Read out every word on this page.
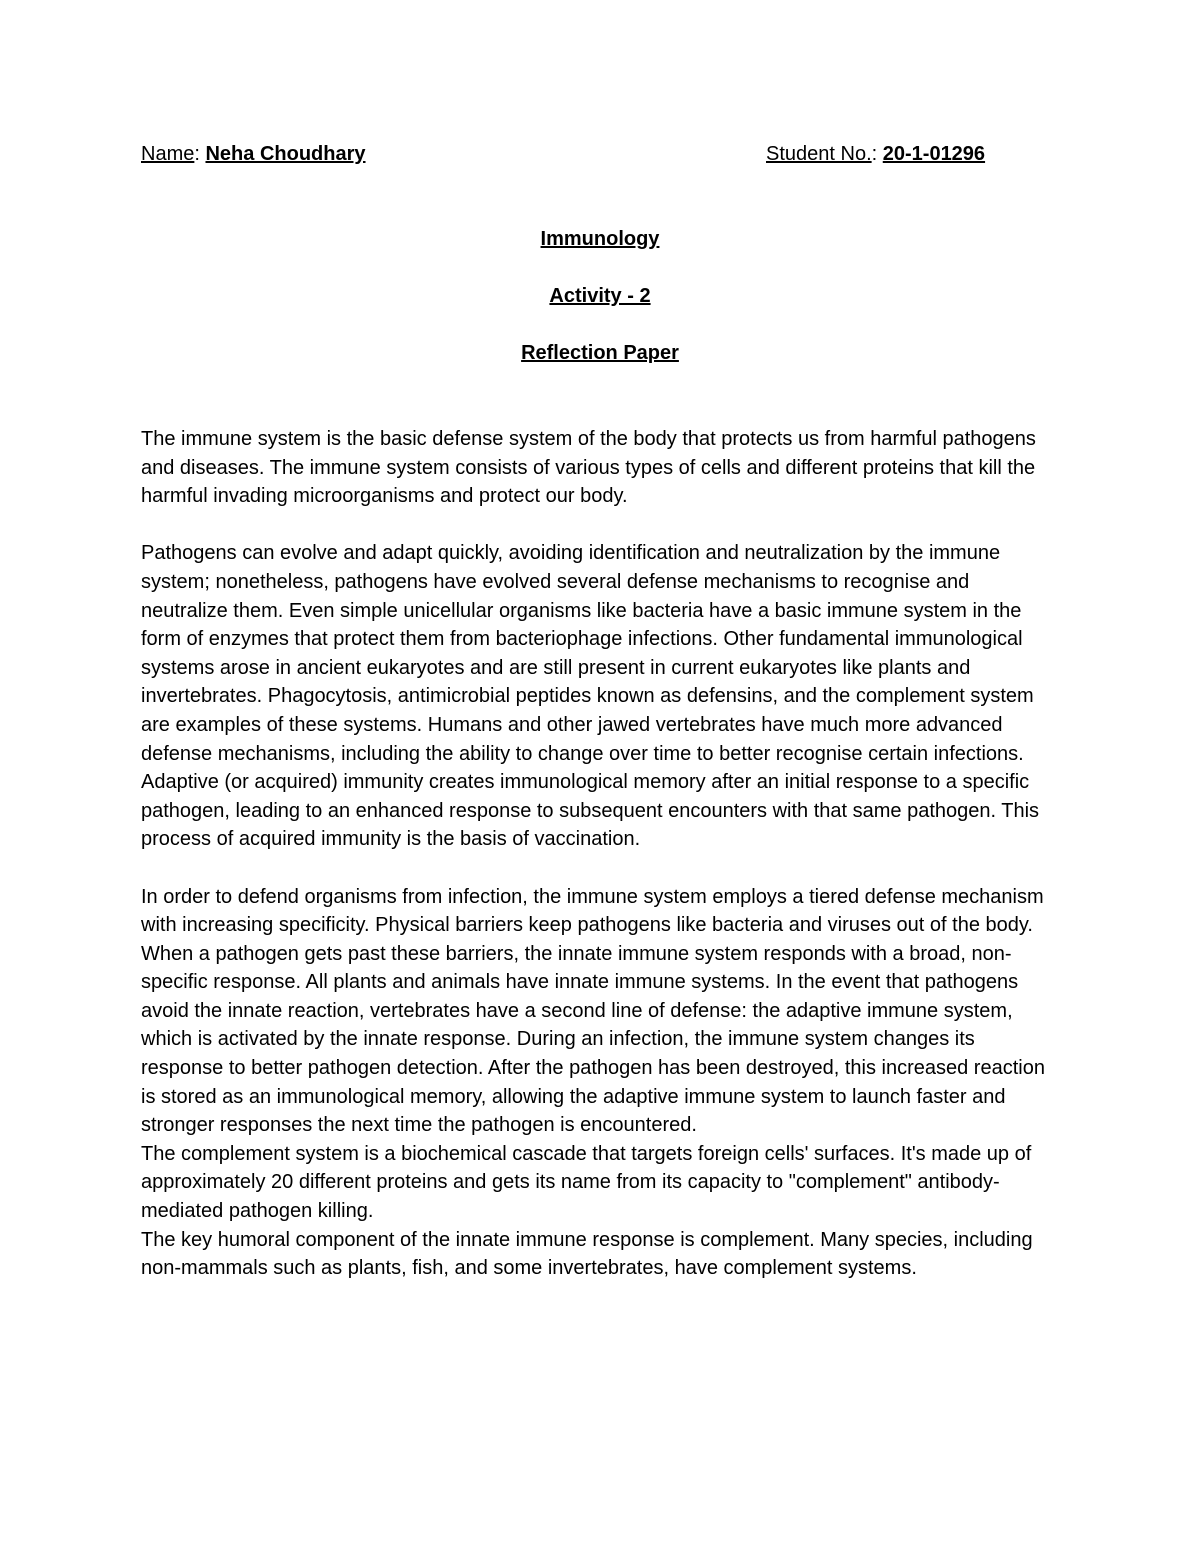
Name: Neha Choudhary	Student No.: 20-1-01296
Immunology
Activity - 2
Reflection Paper

The immune system is the basic defense system of the body that protects us from harmful pathogens and diseases. The immune system consists of various types of cells and different proteins that kill the harmful invading microorganisms and protect our body.

Pathogens can evolve and adapt quickly, avoiding identification and neutralization by the immune system; nonetheless, pathogens have evolved several defense mechanisms to recognise and neutralize them. Even simple unicellular organisms like bacteria have a basic immune system in the form of enzymes that protect them from bacteriophage infections. Other fundamental immunological systems arose in ancient eukaryotes and are still present in current eukaryotes like plants and invertebrates. Phagocytosis, antimicrobial peptides known as defensins, and the complement system are examples of these systems. Humans and other jawed vertebrates have much more advanced defense mechanisms, including the ability to change over time to better recognise certain infections. Adaptive (or acquired) immunity creates immunological memory after an initial response to a specific pathogen, leading to an enhanced response to subsequent encounters with that same pathogen. This process of acquired immunity is the basis of vaccination.

In order to defend organisms from infection, the immune system employs a tiered defense mechanism with increasing specificity. Physical barriers keep pathogens like bacteria and viruses out of the body. When a pathogen gets past these barriers, the innate immune system responds with a broad, non-specific response. All plants and animals have innate immune systems. In the event that pathogens avoid the innate reaction, vertebrates have a second line of defense: the adaptive immune system, which is activated by the innate response. During an infection, the immune system changes its response to better pathogen detection. After the pathogen has been destroyed, this increased reaction is stored as an immunological memory, allowing the adaptive immune system to launch faster and stronger responses the next time the pathogen is encountered.

The complement system is a biochemical cascade that targets foreign cells' surfaces. It's made up of approximately 20 different proteins and gets its name from its capacity to "complement" antibody-mediated pathogen killing.

The key humoral component of the innate immune response is complement. Many species, including non-mammals such as plants, fish, and some invertebrates, have complement systems.
